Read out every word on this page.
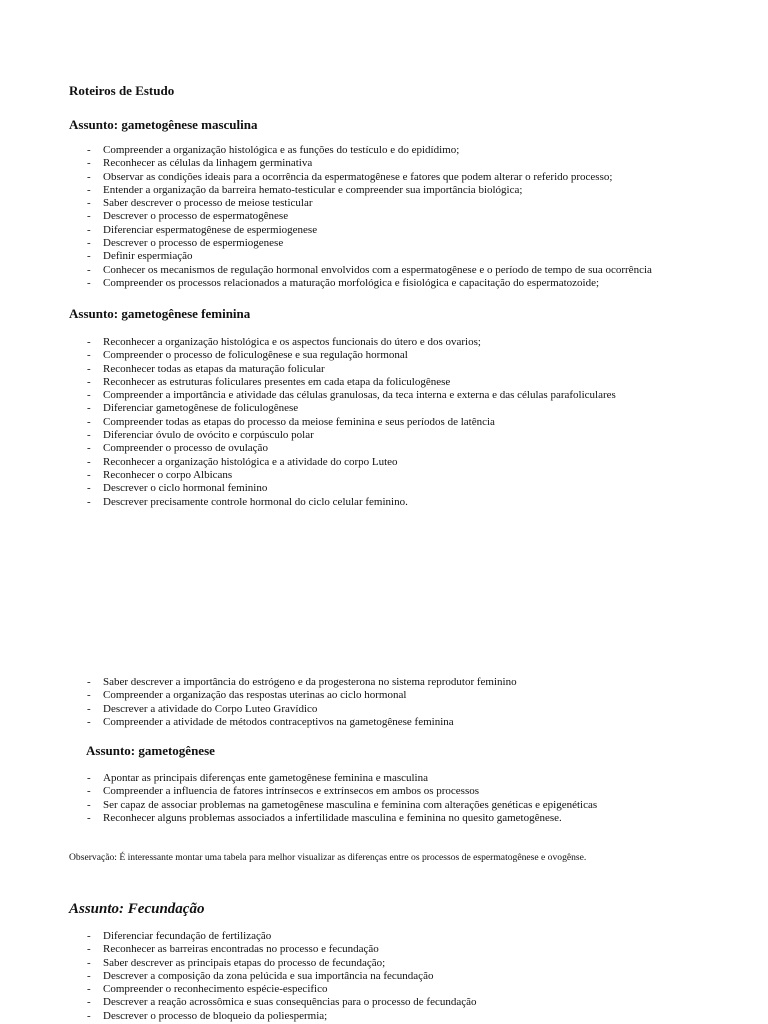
Roteiros de Estudo
Assunto: gametogênese masculina
- Compreender a organização histológica e as funções do testículo e do epidídimo;
- Reconhecer as células da linhagem germinativa
- Observar as condições ideais para a ocorrência da espermatogênese e fatores que podem alterar o referido processo;
- Entender a organização da barreira hemato-testicular e compreender sua importância biológica;
- Saber descrever o processo de meiose testicular
- Descrever o processo de espermatogênese
- Diferenciar espermatogênese de espermiogenese
- Descrever o processo de espermiogenese
- Definir espermiação
- Conhecer os mecanismos de regulação hormonal envolvidos com a espermatogênese e o período de tempo de sua ocorrência
- Compreender os processos relacionados a maturação morfológica e fisiológica e capacitação do espermatozoide;
Assunto: gametogênese feminina
- Reconhecer a organização histológica e os aspectos funcionais do útero e dos ovarios;
- Compreender o processo de foliculogênese e sua regulação hormonal
- Reconhecer todas as etapas da maturação folicular
- Reconhecer as estruturas foliculares presentes em cada etapa da foliculogênese
- Compreender a importância e atividade das células granulosas, da teca interna e externa e das células parafoliculares
- Diferenciar gametogênese de foliculogênese
- Compreender todas as etapas do processo da meiose feminina e seus períodos de latência
- Diferenciar óvulo de ovócito e corpúsculo polar
- Compreender o processo de ovulação
- Reconhecer a organização histológica e a atividade do corpo Luteo
- Reconhecer o corpo Albicans
- Descrever o ciclo hormonal feminino
- Descrever precisamente controle hormonal do ciclo celular feminino.
- Saber descrever a importância do estrógeno e da progesterona no sistema reprodutor feminino
- Compreender a organização das respostas uterinas ao ciclo hormonal
- Descrever a atividade do Corpo Luteo Gravídico
- Compreender a atividade de métodos contraceptivos na gametogênese feminina
Assunto: gametogênese
- Apontar as principais diferenças ente gametogênese feminina e masculina
- Compreender a influencia de fatores intrínsecos e extrínsecos em ambos os processos
- Ser capaz de associar problemas na gametogênese masculina e feminina com alterações genéticas e epigenéticas
- Reconhecer alguns problemas associados a infertilidade masculina e feminina no quesito gametogênese.
Observação: É interessante montar uma tabela para melhor visualizar as diferenças entre os processos de espermatogênese e ovogênse.
Assunto: Fecundação
- Diferenciar fecundação de fertilização
- Reconhecer as barreiras encontradas no processo e fecundação
- Saber descrever as principais etapas do processo de fecundação;
- Descrever a composição da zona pelúcida e sua importância na fecundação
- Compreender o reconhecimento espécie-especifico
- Descrever a reação acrossômica e suas consequências para o processo de fecundação
- Descrever o processo de bloqueio da poliespermia;
